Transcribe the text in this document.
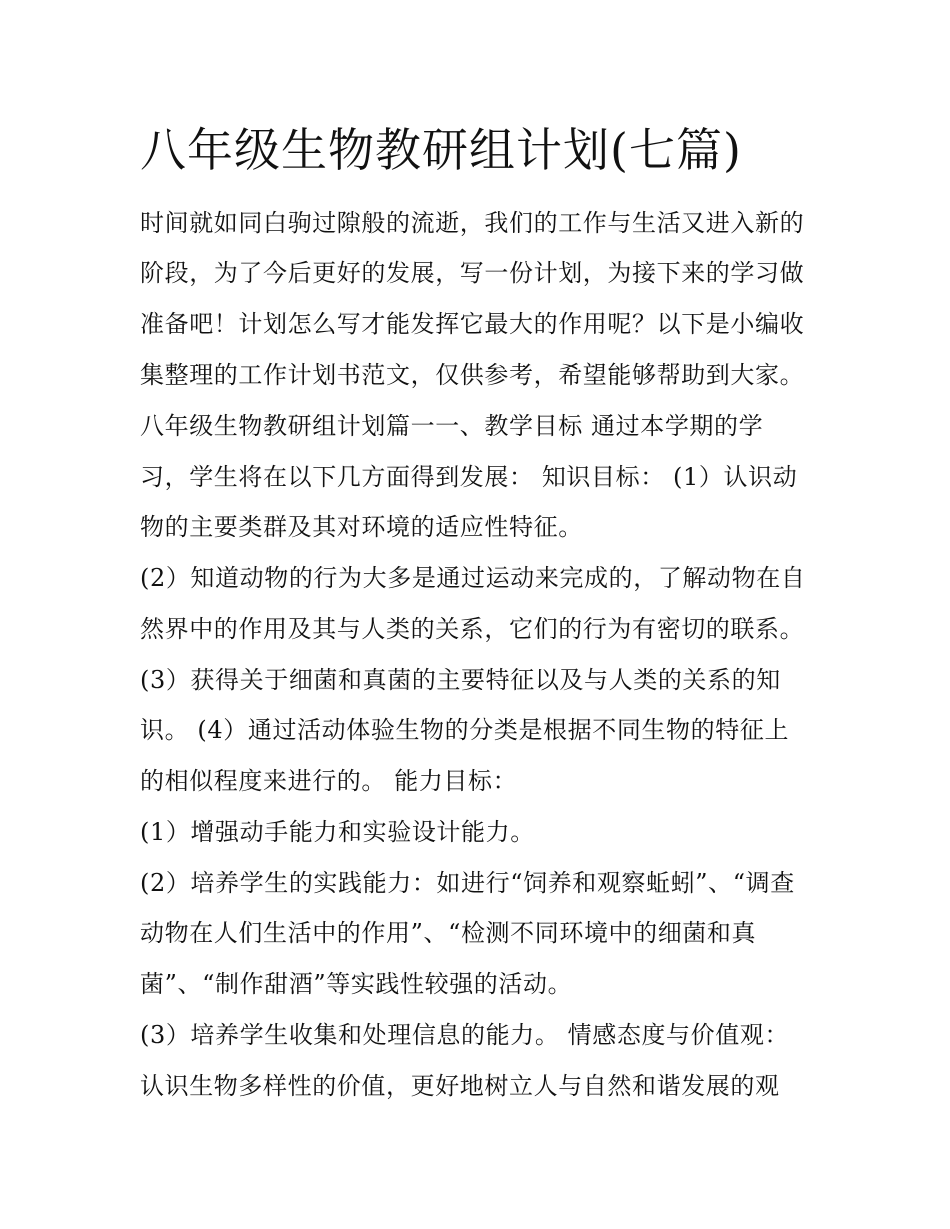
八年级生物教研组计划(七篇)

时间就如同白驹过隙般的流逝，我们的工作与生活又进入新的

阶段，为了今后更好的发展，写一份计划，为接下来的学习做

准备吧！计划怎么写才能发挥它最大的作用呢？以下是小编收

集整理的工作计划书范文，仅供参考，希望能够帮助到大家。

八年级生物教研组计划篇一一、教学目标 通过本学期的学

习，学生将在以下几方面得到发展： 知识目标： (1）认识动

物的主要类群及其对环境的适应性特征。

(2）知道动物的行为大多是通过运动来完成的，了解动物在自

然界中的作用及其与人类的关系，它们的行为有密切的联系。

(3）获得关于细菌和真菌的主要特征以及与人类的关系的知

识。 (4）通过活动体验生物的分类是根据不同生物的特征上

的相似程度来进行的。 能力目标：

(1）增强动手能力和实验设计能力。

(2）培养学生的实践能力：如进行“饲养和观察蚯蚓”、“调查

动物在人们生活中的作用”、“检测不同环境中的细菌和真

菌”、“制作甜酒”等实践性较强的活动。

(3）培养学生收集和处理信息的能力。 情感态度与价值观：

认识生物多样性的价值，更好地树立人与自然和谐发展的观
